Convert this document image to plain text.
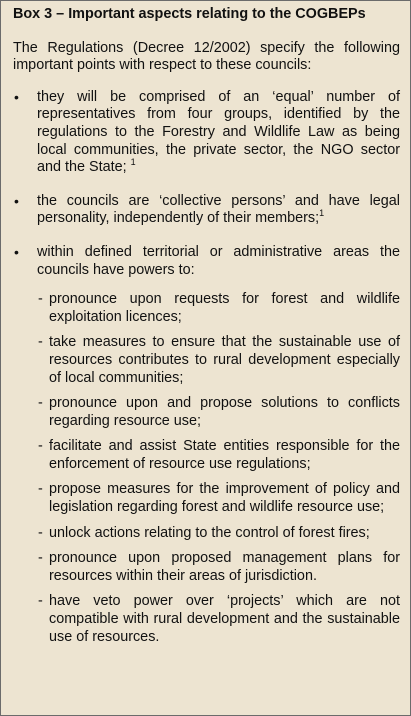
Box 3 – Important aspects relating to the COGBEPs
The Regulations (Decree 12/2002) specify the following important points with respect to these councils:
• they will be comprised of an ‘equal’ number of representatives from four groups, identified by the regulations to the Forestry and Wildlife Law as being local communities, the private sector, the NGO sector and the State; $^1$
• the councils are ‘collective persons’ and have legal personality, independently of their members;$^1$
• within defined territorial or administrative areas the councils have powers to:
- pronounce upon requests for forest and wildlife exploitation licences;
- take measures to ensure that the sustainable use of resources contributes to rural development especially of local communities;
- pronounce upon and propose solutions to conflicts regarding resource use;
- facilitate and assist State entities responsible for the enforcement of resource use regulations;
- propose measures for the improvement of policy and legislation regarding forest and wildlife resource use;
- unlock actions relating to the control of forest fires;
- pronounce upon proposed management plans for resources within their areas of jurisdiction.
- have veto power over ‘projects’ which are not compatible with rural development and the sustainable use of resources.
